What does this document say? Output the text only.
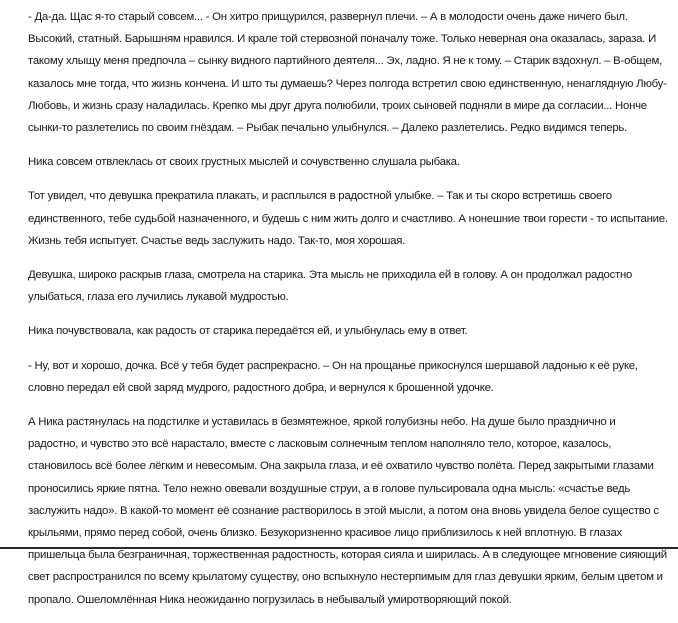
- Да-да. Щас я-то старый совсем... - Он хитро прищурился, развернул плечи. – А в молодости очень даже ничего был. Высокий, статный. Барышням нравился. И крале той стервозной поначалу тоже. Только неверная она оказалась, зараза. И такому хлыщу меня предпочла – сынку видного партийного деятеля... Эх, ладно. Я не к тому. – Старик вздохнул. – В-общем, казалось мне тогда, что жизнь кончена. И што ты думаешь? Через полгода встретил свою единственную, ненаглядную Любу-Любовь, и жизнь сразу наладилась. Крепко мы друг друга полюбили, троих сыновей подняли в мире да согласии... Нонче сынки-то разлетелись по своим гнёздам. – Рыбак печально улыбнулся. – Далеко разлетелись. Редко видимся теперь.

Ника совсем отвлеклась от своих грустных мыслей и сочувственно слушала рыбака.

Тот увидел, что девушка прекратила плакать, и расплылся в радостной улыбке. – Так и ты скоро встретишь своего единственного, тебе судьбой назначенного, и будешь с ним жить долго и счастливо. А нонешние твои горести - то испытание. Жизнь тебя испытует. Счастье ведь заслужить надо. Так-то, моя хорошая.

Девушка, широко раскрыв глаза, смотрела на старика. Эта мысль не приходила ей в голову. А он продолжал радостно улыбаться, глаза его лучились лукавой мудростью.

Ника почувствовала, как радость от старика передаётся ей, и улыбнулась ему в ответ.

- Ну, вот и хорошо, дочка. Всё у тебя будет распрекрасно. – Он на прощанье прикоснулся шершавой ладонью к её руке, словно передал ей свой заряд мудрого, радостного добра, и вернулся к брошенной удочке.

А Ника растянулась на подстилке и уставилась в безмятежное, яркой голубизны небо. На душе было празднично и радостно, и чувство это всё нарастало, вместе с ласковым солнечным теплом наполняло тело, которое, казалось, становилось всё более лёгким и невесомым. Она закрыла глаза, и её охватило чувство полёта. Перед закрытыми глазами проносились яркие пятна. Тело нежно овевали воздушные струи, а в голове пульсировала одна мысль: «счастье ведь заслужить надо». В какой-то момент её сознание растворилось в этой мысли, а потом она вновь увидела белое существо с крыльями, прямо перед собой, очень близко. Безукоризненно красивое лицо приблизилось к ней вплотную. В глазах пришельца была безграничная, торжественная радостность, которая сияла и ширилась. А в следующее мгновение сияющий свет распространился по всему крылатому существу, оно вспыхнуло нестерпимым для глаз девушки ярким, белым цветом и пропало. Ошеломлённая Ника неожиданно погрузилась в небывалый умиротворяющий покой.
